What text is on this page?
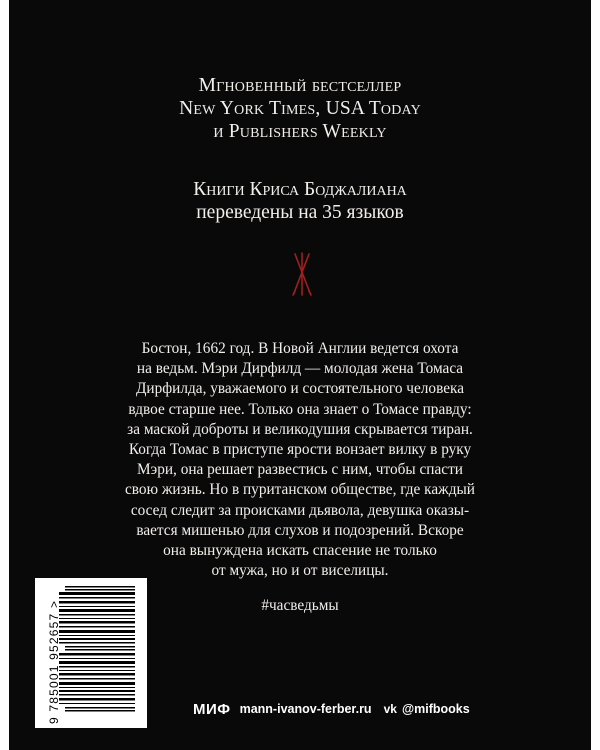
Мгновенный бестселлер
New York Times, USA Today
и Publishers Weekly
Книги Криса Боджалиана
переведены на 35 языков
Бостон, 1662 год. В Новой Англии ведется охота
на ведьм. Мэри Дирфилд — молодая жена Томаса
Дирфилда, уважаемого и состоятельного человека
вдвое старше нее. Только она знает о Томасе правду:
за маской доброты и великодушия скрывается тиран.
Когда Томас в приступе ярости вонзает вилку в руку
Мэри, она решает развестись с ним, чтобы спасти
свою жизнь. Но в пуританском обществе, где каждый
сосед следит за происками дьявола, девушка оказы-
вается мишенью для слухов и подозрений. Вскоре
она вынуждена искать спасение не только
от мужа, но и от виселицы.
#часведьмы
9 785001 952657 >	МИФ mann-ivanov-ferber.ru vk @mifbooks
